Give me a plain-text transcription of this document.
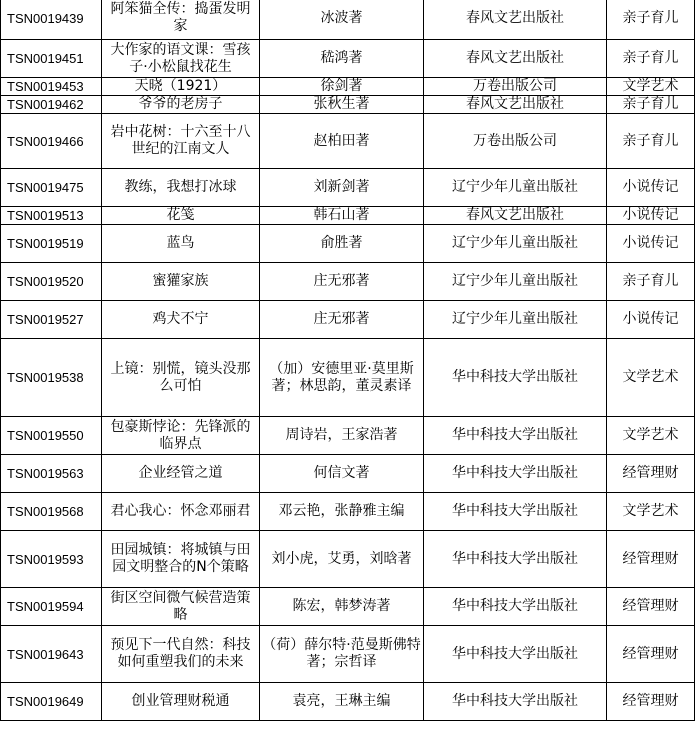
TSN0019439	阿笨猫全传：捣蛋发明家	冰波著	春风文艺出版社	亲子育儿
TSN0019451	大作家的语文课：雪孩子·小松鼠找花生	嵇鸿著	春风文艺出版社	亲子育儿
TSN0019453	天晓（1921）	徐剑著	万卷出版公司	文学艺术
TSN0019462	爷爷的老房子	张秋生著	春风文艺出版社	亲子育儿
TSN0019466	岩中花树：十六至十八世纪的江南文人	赵柏田著	万卷出版公司	亲子育儿
TSN0019475	教练，我想打冰球	刘新剑著	辽宁少年儿童出版社	小说传记
TSN0019513	花笺	韩石山著	春风文艺出版社	小说传记
TSN0019519	蓝鸟	俞胜著	辽宁少年儿童出版社	小说传记
TSN0019520	蜜獾家族	庄无邪著	辽宁少年儿童出版社	亲子育儿
TSN0019527	鸡犬不宁	庄无邪著	辽宁少年儿童出版社	小说传记
TSN0019538	上镜：别慌，镜头没那么可怕	（加）安德里亚·莫里斯著；林思韵，董灵素译	华中科技大学出版社	文学艺术
TSN0019550	包豪斯悖论：先锋派的临界点	周诗岩，王家浩著	华中科技大学出版社	文学艺术
TSN0019563	企业经管之道	何信文著	华中科技大学出版社	经管理财
TSN0019568	君心我心：怀念邓丽君	邓云艳，张静雅主编	华中科技大学出版社	文学艺术
TSN0019593	田园城镇：将城镇与田园文明整合的N个策略	刘小虎，艾勇，刘晗著	华中科技大学出版社	经管理财
TSN0019594	街区空间微气候营造策略	陈宏，韩梦涛著	华中科技大学出版社	经管理财
TSN0019643	预见下一代自然：科技如何重塑我们的未来	（荷）薛尔特·范曼斯佛特著；宗哲译	华中科技大学出版社	经管理财
TSN0019649	创业管理财税通	袁亮，王琳主编	华中科技大学出版社	经管理财
